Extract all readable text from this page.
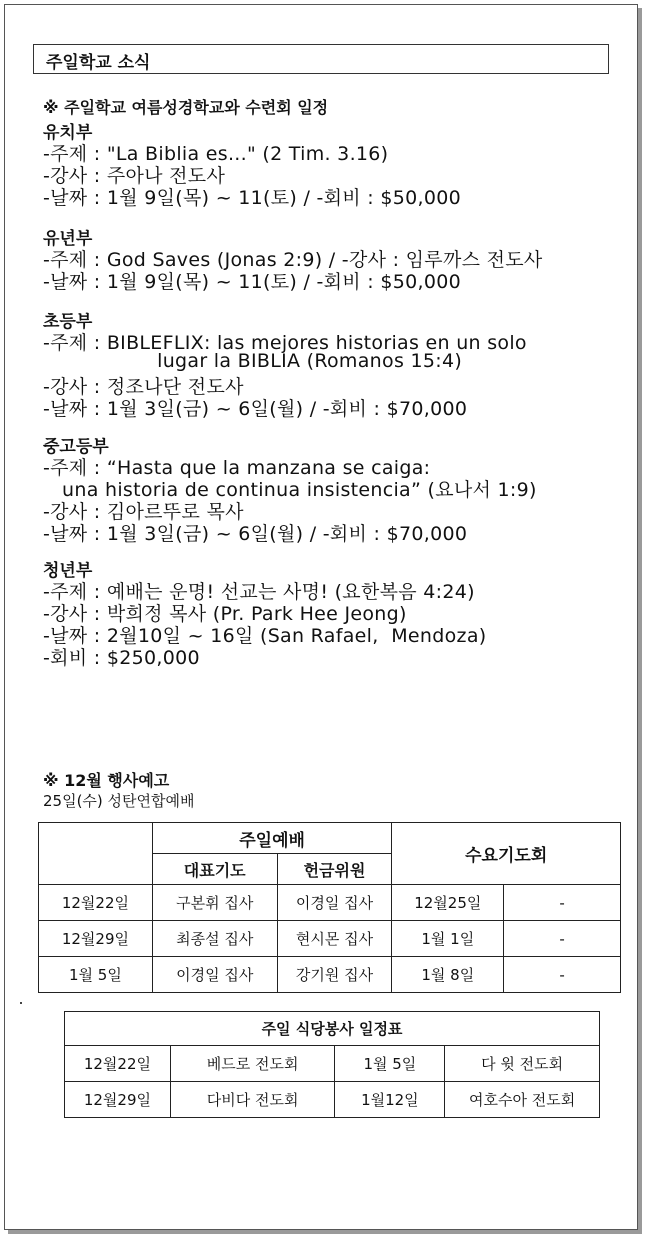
주일학교 소식
※ 주일학교 여름성경학교와 수련회 일정
유치부
-주제 : "La Biblia es..." (2 Tim. 3.16)
-강사 : 주아나 전도사
-날짜 : 1월 9일(목) ~ 11(토) / -회비 : $50,000
유년부
-주제 : God Saves (Jonas 2:9) / -강사 : 임루까스 전도사
-날짜 : 1월 9일(목) ~ 11(토) / -회비 : $50,000
초등부
-주제 : BIBLEFLIX: las mejores historias en un solo
lugar la BIBLIA (Romanos 15:4)
-강사 : 정조나단 전도사
-날짜 : 1월 3일(금) ~ 6일(월) / -회비 : $70,000
중고등부
-주제 : “Hasta que la manzana se caiga:
una historia de continua insistencia” (요나서 1:9)
-강사 : 김아르뚜로 목사
-날짜 : 1월 3일(금) ~ 6일(월) / -회비 : $70,000
청년부
-주제 : 예배는 운명! 선교는 사명! (요한복음 4:24)
-강사 : 박희정 목사 (Pr. Park Hee Jeong)
-날짜 : 2월10일 ~ 16일 (San Rafael,  Mendoza)
-회비 : $250,000
※ 12월 행사예고
25일(수) 성탄연합예배
	주일예배		수요기도회	
	대표기도	헌금위원		
12월22일	구본휘 집사	이경일 집사	12월25일	-
12월29일	최종설 집사	현시몬 집사	1월 1일	-
1월 5일	이경일 집사	강기원 집사	1월 8일	-
주일 식당봉사 일정표			
12월22일	베드로 전도회	1월 5일	다 윗 전도회
12월29일	다비다 전도회	1월12일	여호수아 전도회
